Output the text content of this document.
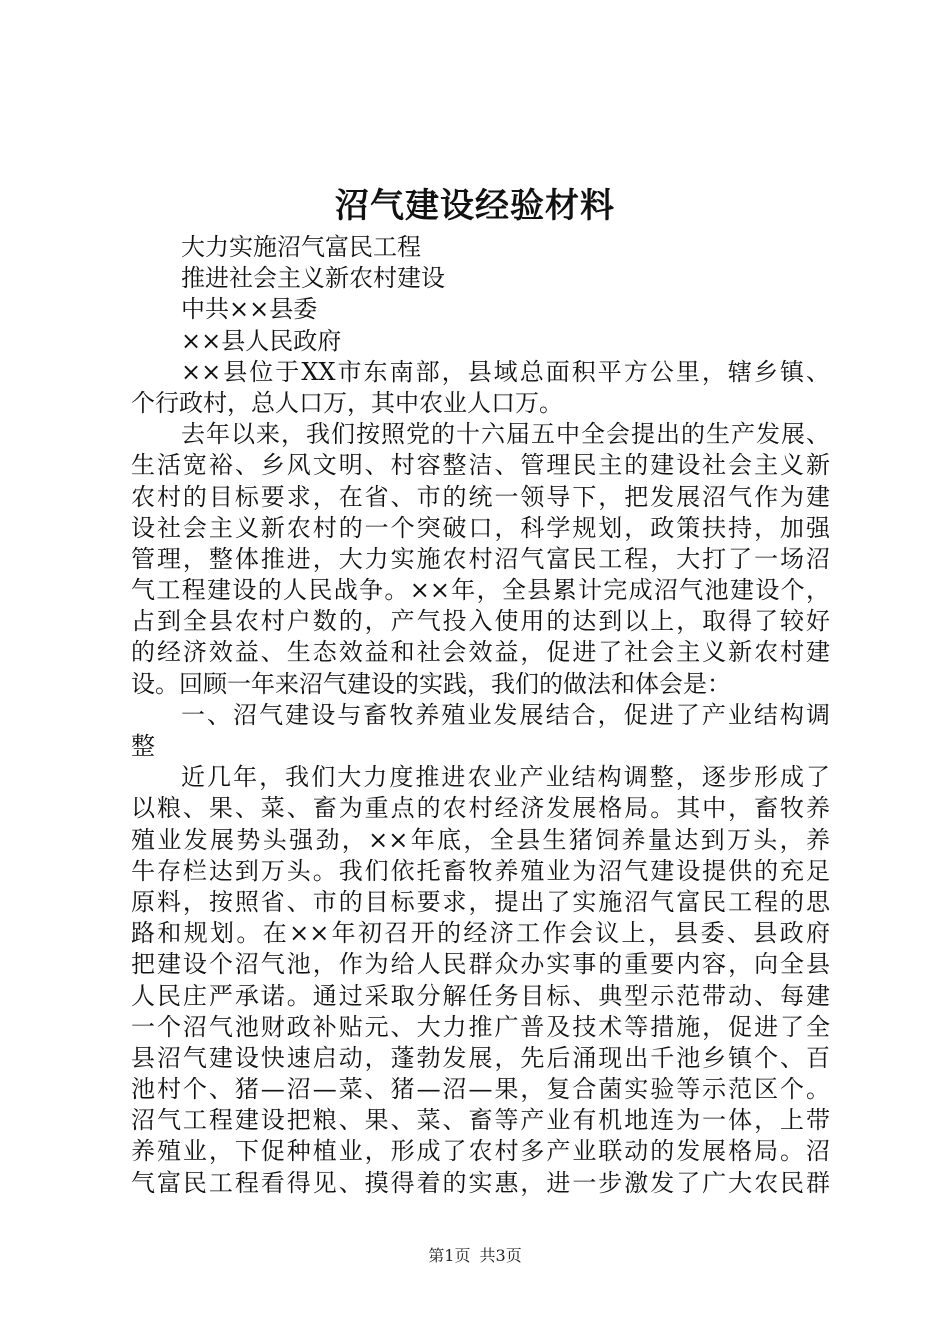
沼气建设经验材料
大力实施沼气富民工程
推进社会主义新农村建设
中共××县委
××县人民政府
××县位于XX市东南部，县域总面积平方公里，辖乡镇、
个行政村，总人口万，其中农业人口万。
去年以来，我们按照党的十六届五中全会提出的生产发展、
生活宽裕、乡风文明、村容整洁、管理民主的建设社会主义新
农村的目标要求，在省、市的统一领导下，把发展沼气作为建
设社会主义新农村的一个突破口，科学规划，政策扶持，加强
管理，整体推进，大力实施农村沼气富民工程，大打了一场沼
气工程建设的人民战争。××年，全县累计完成沼气池建设个，
占到全县农村户数的，产气投入使用的达到以上，取得了较好
的经济效益、生态效益和社会效益，促进了社会主义新农村建
设。回顾一年来沼气建设的实践，我们的做法和体会是：
一、沼气建设与畜牧养殖业发展结合，促进了产业结构调
整
近几年，我们大力度推进农业产业结构调整，逐步形成了
以粮、果、菜、畜为重点的农村经济发展格局。其中，畜牧养
殖业发展势头强劲，××年底，全县生猪饲养量达到万头，养
牛存栏达到万头。我们依托畜牧养殖业为沼气建设提供的充足
原料，按照省、市的目标要求，提出了实施沼气富民工程的思
路和规划。在××年初召开的经济工作会议上，县委、县政府
把建设个沼气池，作为给人民群众办实事的重要内容，向全县
人民庄严承诺。通过采取分解任务目标、典型示范带动、每建
一个沼气池财政补贴元、大力推广普及技术等措施，促进了全
县沼气建设快速启动，蓬勃发展，先后涌现出千池乡镇个、百
池村个、猪—沼—菜、猪—沼—果，复合菌实验等示范区个。
沼气工程建设把粮、果、菜、畜等产业有机地连为一体，上带
养殖业，下促种植业，形成了农村多产业联动的发展格局。沼
气富民工程看得见、摸得着的实惠，进一步激发了广大农民群
第1页 共3页
